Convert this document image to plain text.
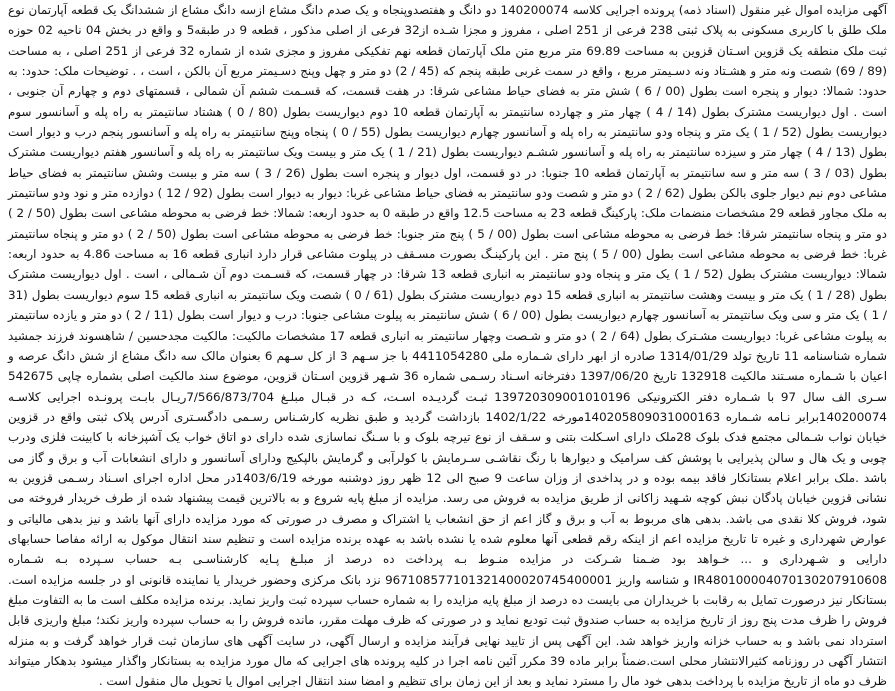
آگهی مزایده اموال غیر منقول (اسناد ذمه) پرونده اجرایی کلاسه 140200074 دو دانگ و هفتصدوپنجاه و یک صدم دانگ مشاع ازسه دانگ مشاع از ششدانگ یک قطعه آپارتمان نوع ملک طلق با کاربری مسکونی به پلاک ثبتی 238 فرعی از 251 اصلی ، مفروز و مجزا شـده از32 فرعی از اصلی مذکور ، قطعه 9 در طبقه5 و واقع در بخش 04 ناحیه 02 حوزه ثبت ملک منطقه یک قزوین اسـتان قزوین به مساحت 69.89 متر مربع متن ملک آپارتمان قطعه نهم تفکیکی مفروز و مجزی شده از شماره 32 فرعی از 251 اصلی ، به مساحت (89 / 69) شصت ونه متر و هشـتاد ونه دسـیمتر مربع ، واقع در سمت غربی طبقه پنجم که (45 / 2) دو متر و چهل وپنج دسـیمتر مربع آن بالکن ، است ، . توضیحات ملک: حدود: به حدود: شمالا: دیوار و پنجره است بطول (00 / 6 ) شش متر به فضای حیاط مشاعی شرقا: در هفت قسمت، که قسـمت ششم آن شمالی ، قسمتهای دوم و چهارم آن جنوبی ، است . اول دیواریست مشترک بطول (14 / 4 ) چهار متر و چهارده سانتیمتر به آپارتمان قطعه 10 دوم دیواریست بطول (80 / 0 ) هشتاد سانتیمتر به راه پله و آسانسور سوم دیواریست بطول (52 / 1 ) یک متر و پنجاه ودو سانتیمتر به راه پله و آسانسور چهارم دیواریست بطول (55 / 0 ) پنجاه وپنج سانتیمتر به راه پله و آسانسور پنجم درب و دیوار است بطول (13 / 4 ) چهار متر و سیزده سانتیمتر به راه پله و آسانسور ششـم دیواریست بطول (21 / 1 ) یک متر و بیست ویک سانتیمتر به راه پله و آسانسور هفتم دیواریست مشترک بطول (03 / 3 ) سه متر و سه سانتیمتر به آپارتمان قطعه 10 جنوبا: در دو قسمت، اول دیوار و پنجره است بطول (26 / 3 ) سه متر و بیست وشش سانتیمتر به فضای حیاط مشاعی دوم نیم دیوار جلوی بالکن بطول (62 / 2 ) دو متر و شصت ودو سانتیمتر به فضای حیاط مشاعی غربا: دیوار به دیوار است بطول (92 / 12 ) دوازده متر و نود ودو سانتیمتر به ملک مجاور قطعه 29 مشخصات منضمات ملک: پارکینگ قطعه 23 به مساحت 12.5 واقع در طبقه 0 به حدود اربعه: شمالا: خط فرضی به محوطه مشاعی است بطول (50 / 2 ) دو متر و پنجاه سانتیمتر شرقا: خط فرضی به محوطه مشاعی است بطول (00 / 5 ) پنج متر جنوبا: خط فرضی به محوطه مشاعی است بطول (50 / 2 ) دو متر و پنجاه سانتیمتر غربا: خط فرضی به محوطه مشاعی است بطول (00 / 5 ) پنج متر . این پارکینـگ بصورت مسـقف در پیلوت مشاعی قرار دارد انباری قطعه 16 به مساحت 4.86 به حدود اربعه: شمالا: دیواریست مشترک بطول (52 / 1 ) یک متر و پنجاه ودو سانتیمتر به انباری قطعه 13 شرقا: در چهار قسمت، که قسـمت دوم آن شـمالی ، است . اول دیواریست مشترک بطول (28 / 1 ) یک متر و بیست وهشت سانتیمتر به انباری قطعه 15 دوم دیواریست مشترک بطول (61 / 0 ) شصت ویک سانتیمتر به انباری قطعه 15 سوم دیواریست بطول (31 / 1 ) یک متر و سی ویک سانتیمتر به آسانسور چهارم دیواریست بطول (00 / 6 ) شش سانتیمتر به پیلوت مشاعی جنوبا: درب و دیوار است بطول (11 / 2 ) دو متر و یازده سانتیمتر به پیلوت مشاعی غربا: دیواریست مشـترک بطول (64 / 2 ) دو متر و شـصت وچهار سانتیمتر به انباری قطعه 17 مشخصات مالکیت: مالکیت مجدحسین / شاهسوند فرزند جمشید شماره شناسنامه 11 تاریخ تولد 1314/01/29 صادره از ابهر دارای شـماره ملی 4411054280 با جز سـهم 3 از کل سـهم 6 بعنوان مالک سه دانگ مشاع از شش دانگ عرصه و اعیان با شـماره مسـتند مالکیت 132918 تاریخ 1397/06/20 دفترخانه اسـناد رسـمی شماره 36 شـهر قزوین اسـتان قزوین، موضوع سند مالکیت اصلی بشماره چاپی 542675 سـری الف سال 97 با شـماره دفتر الکترونیکی 139720309001010196 ثبـت گردیـده اسـت، کـه در قبـال مبلـغ 7/566/873/704ریـال بابـت پرونـده اجرایی کلاسـه 140200074برابر نـامه شـماره 140205809031000163مورخه 1402/1/22 بازداشت گردید و طبق نظریه کارشـناس رسـمی دادگسـتری آدرس پلاک ثبتی واقع در قزوین خیابان نواب شـمالی مجتمع فدک بلوک 28ملک دارای اسـکلت بتنی و سـقف از نوع تیرچه بلوک و با سـنگ نماسازی شده دارای دو اتاق خواب یک آشپزخانه با کابینت فلزی ودرب چوبی و یک هال و سالن پذیرایی با پوشش کف سرامیک و دیوارها با رنگ نقاشـی سـرمایش با کولرآبی و گرمایش بالپکیج ودارای آسانسور و دارای انشعابات آب و برق و گاز می باشد .ملک برابر اعلام بستانکار فاقد بیمه بوده و در پداخدی از وزان ساعت 9 صبح الی 12 ظهر روز دوشنبه مورخه 1403/6/19در محل اداره اجرای اسـناد رسـمی قزوین به نشانی قزوین خیابان پادگان نبش کوچه شـهید زاکانی از طریق مزایده به فروش می رسد. مزایده از مبلغ پایه شروع و به بالاترین قیمت پیشنهاد شده از طرف خریدار فروخته می شود، فروش کلا نقدی می باشد. بدهی های مربوط به آب و برق و گاز اعم از حق انشعاب یا اشتراک و مصرف در صورتی که مورد مزایده دارای آنها باشد و نیز بدهی مالیاتی و عوارض شهرداری و غیره تا تاریخ مزایده اعم از اینکه رقم قطعی آنها معلوم شده یا نشده باشد به عهده برنده مزایده است و تنظیم سند انتقال موکول به ارائه مفاصا حسابهای دارایی و شـهرداری و ... خـواهد بود ضـمنا شـرکت در مزایده منـوط بـه پرداخت ده درصد از مبلـغ پـایه کارشناسـی بـه حساب سـپرده بـه شـماره IR480100004070130207910608 و شناسه واریز 967108577101321400020745400001 نزد بانک مرکزی وحضور خریدار یا نماینده قانونی او در جلسه مزایده است. بستانکار نیز درصورت تمایل به رقابت با خریداران می بایست ده درصد از مبلغ پایه مزایده را به شماره حساب سپرده ثبت واریز نماید. برنده مزایده مکلف است ما به التفاوت مبلغ فروش را ظرف مدت پنج روز از تاریخ مزایده به حساب صندوق ثبت تودیع نماید و در صورتی که ظرف مهلت مقرر، مانده فروش را به حساب سپرده واریز نکند؛ مبلغ واریزی قابل استرداد نمی باشد و به حساب خزانه واریز خواهد شد. این آگهی پس از تایید نهایی فرآیند مزایده و ارسال آگهی، در سایت آگهی های سازمان ثبت قرار خواهد گرفت و به منزله انتشار آگهی در روزنامه کثیرالانتشار محلی است.ضمناً برابر ماده 39 مکرر آئین نامه اجرا در کلیه پرونده های اجرایی که مال مورد مزایده به بستانکار واگذار میشود بدهکار میتواند ظرف دو ماه از تاریخ مزایده با پرداخت بدهی خود مال را مسترد نماید و بعد از این زمان برای تنظیم و امضا سند انتقال اجرایی اموال یا تحویل مال منقول است .
